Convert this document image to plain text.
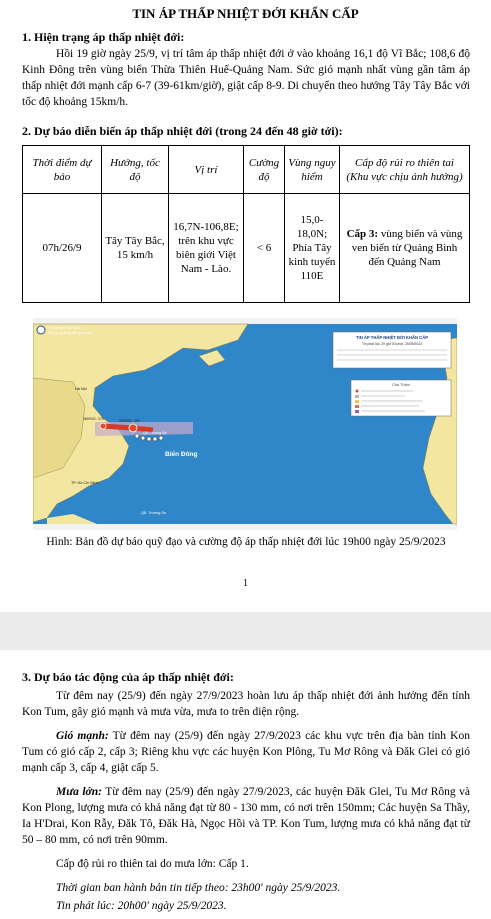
TIN ÁP THẤP NHIỆT ĐỚI KHẨN CẤP
1. Hiện trạng áp thấp nhiệt đới:

Hồi 19 giờ ngày 25/9, vị trí tâm áp thấp nhiệt đới ở vào khoảng 16,1 độ Vĩ Bắc; 108,6 độ Kinh Đông trên vùng biển Thừa Thiên Huế-Quảng Nam. Sức gió mạnh nhất vùng gần tâm áp thấp nhiệt đới mạnh cấp 6-7 (39-61km/giờ), giật cấp 8-9. Di chuyển theo hướng Tây Tây Bắc với tốc độ khoảng 15km/h.

2. Dự báo diễn biến áp thấp nhiệt đới (trong 24 đến 48 giờ tới):
Thời điểm dự báo	Hướng, tốc độ	Vị trí	Cường độ	Vùng nguy hiểm	Cấp độ rủi ro thiên tai (Khu vực chịu ảnh hưởng)
07h/26/9	Tây Tây Bắc, 15 km/h	16,7N-106,8E; trên khu vực biên giới Việt Nam - Lào.	< 6	15,0-18,0N; Phía Tây kinh tuyến 110E	Cấp 3: vùng biển và vùng ven biển từ Quảng Bình đến Quảng Nam
Trung tâm Dự báo
khí tượng thủy văn quốc gia
TIN ÁP THẤP NHIỆT ĐỚI KHẨN CẤP
Tin phát lúc: 20 giờ 00 phút, 25/09/2023
Chú Thích
Biển Đông
Hà Nội
TP. Hồ Chí Minh
QĐ. Hoàng Sa
QĐ. Trường Sa
26/09/23 - 07h	25/09/23 - 19h
Hình: Bản đồ dự báo quỹ đạo và cường độ áp thấp nhiệt đới lúc 19h00 ngày 25/9/2023
1
3. Dự báo tác động của áp thấp nhiệt đới:

Từ đêm nay (25/9) đến ngày 27/9/2023 hoàn lưu áp thấp nhiệt đới ảnh hưởng đến tỉnh Kon Tum, gây gió mạnh và mưa vừa, mưa to trên diện rộng.

Gió mạnh: Từ đêm nay (25/9) đến ngày 27/9/2023 các khu vực trên địa bàn tỉnh Kon Tum có gió cấp 2, cấp 3; Riêng khu vực các huyện Kon Plông, Tu Mơ Rông và Đăk Glei có gió mạnh cấp 3, cấp 4, giật cấp 5.

Mưa lớn: Từ đêm nay (25/9) đến ngày 27/9/2023, các huyện Đăk Glei, Tu Mơ Rông và Kon Plong, lượng mưa có khả năng đạt từ 80 - 130 mm, có nơi trên 150mm; Các huyện Sa Thầy, Ia H'Drai, Kon Rẫy, Đăk Tô, Đăk Hà, Ngọc Hồi và TP. Kon Tum, lượng mưa có khả năng đạt từ 50 – 80 mm, có nơi trên 90mm.

Cấp độ rủi ro thiên tai do mưa lớn: Cấp 1.

Thời gian ban hành bản tin tiếp theo: 23h00' ngày 25/9/2023.

Tin phát lúc: 20h00' ngày 25/9/2023.
